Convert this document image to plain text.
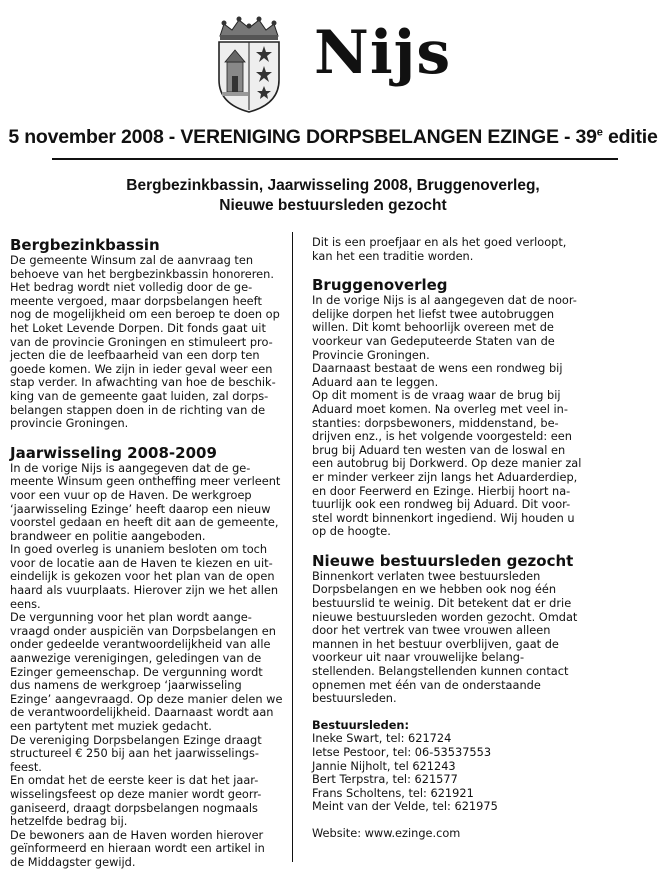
Nijs
5 november 2008 - VERENIGING DORPSBELANGEN EZINGE - 39e editie
Bergbezinkbassin, Jaarwisseling 2008, Bruggenoverleg,
Nieuwe bestuursleden gezocht
Bergbezinkbassin

De gemeente Winsum zal de aanvraag ten

behoeve van het bergbezinkbassin honoreren.

Het bedrag wordt niet volledig door de ge-

meente vergoed, maar dorpsbelangen heeft

nog de mogelijkheid om een beroep te doen op

het Loket Levende Dorpen. Dit fonds gaat uit

van de provincie Groningen en stimuleert pro-

jecten die de leefbaarheid van een dorp ten

goede komen. We zijn in ieder geval weer een

stap verder. In afwachting van hoe de beschik-

king van de gemeente gaat luiden, zal dorps-

belangen stappen doen in de richting van de

provincie Groningen.

Jaarwisseling 2008-2009

In de vorige Nijs is aangegeven dat de ge-

meente Winsum geen ontheffing meer verleent

voor een vuur op de Haven. De werkgroep

‘jaarwisseling Ezinge’ heeft daarop een nieuw

voorstel gedaan en heeft dit aan de gemeente,

brandweer en politie aangeboden.

In goed overleg is unaniem besloten om toch

voor de locatie aan de Haven te kiezen en uit-

eindelijk is gekozen voor het plan van de open

haard als vuurplaats. Hierover zijn we het allen

eens.

De vergunning voor het plan wordt aange-

vraagd onder auspiciën van Dorpsbelangen en

onder gedeelde verantwoordelijkheid van alle

aanwezige verenigingen, geledingen van de

Ezinger gemeenschap. De vergunning wordt

dus namens de werkgroep ‘jaarwisseling

Ezinge’ aangevraagd. Op deze manier delen we

de verantwoordelijkheid. Daarnaast wordt aan

een partytent met muziek gedacht.

De vereniging Dorpsbelangen Ezinge draagt

structureel € 250 bij aan het jaarwisselings-

feest.

En omdat het de eerste keer is dat het jaar-

wisselingsfeest op deze manier wordt georr-

ganiseerd, draagt dorpsbelangen nogmaals

hetzelfde bedrag bij.

De bewoners aan de Haven worden hierover

geïnformeerd en hieraan wordt een artikel in

de Middagster gewijd.

Dit is een proefjaar en als het goed verloopt,

kan het een traditie worden.

Bruggenoverleg

In de vorige Nijs is al aangegeven dat de noor-

delijke dorpen het liefst twee autobruggen

willen. Dit komt behoorlijk overeen met de

voorkeur van Gedeputeerde Staten van de

Provincie Groningen.

Daarnaast bestaat de wens een rondweg bij

Aduard aan te leggen.

Op dit moment is de vraag waar de brug bij

Aduard moet komen. Na overleg met veel in-

stanties: dorpsbewoners, middenstand, be-

drijven enz., is het volgende voorgesteld: een

brug bij Aduard ten westen van de loswal en

een autobrug bij Dorkwerd. Op deze manier zal

er minder verkeer zijn langs het Aduarderdiep,

en door Feerwerd en Ezinge. Hierbij hoort na-

tuurlijk ook een rondweg bij Aduard. Dit voor-

stel wordt binnenkort ingediend. Wij houden u

op de hoogte.

Nieuwe bestuursleden gezocht

Binnenkort verlaten twee bestuursleden

Dorpsbelangen en we hebben ook nog één

bestuurslid te weinig. Dit betekent dat er drie

nieuwe bestuursleden worden gezocht. Omdat

door het vertrek van twee vrouwen alleen

mannen in het bestuur overblijven, gaat de

voorkeur uit naar vrouwelijke belang-

stellenden. Belangstellenden kunnen contact

opnemen met één van de onderstaande

bestuursleden.

Bestuursleden:

Ineke Swart, tel: 621724

Ietse Pestoor, tel: 06-53537553

Jannie Nijholt, tel 621243

Bert Terpstra, tel: 621577

Frans Scholtens, tel: 621921

Meint van der Velde, tel: 621975

Website: www.ezinge.com
